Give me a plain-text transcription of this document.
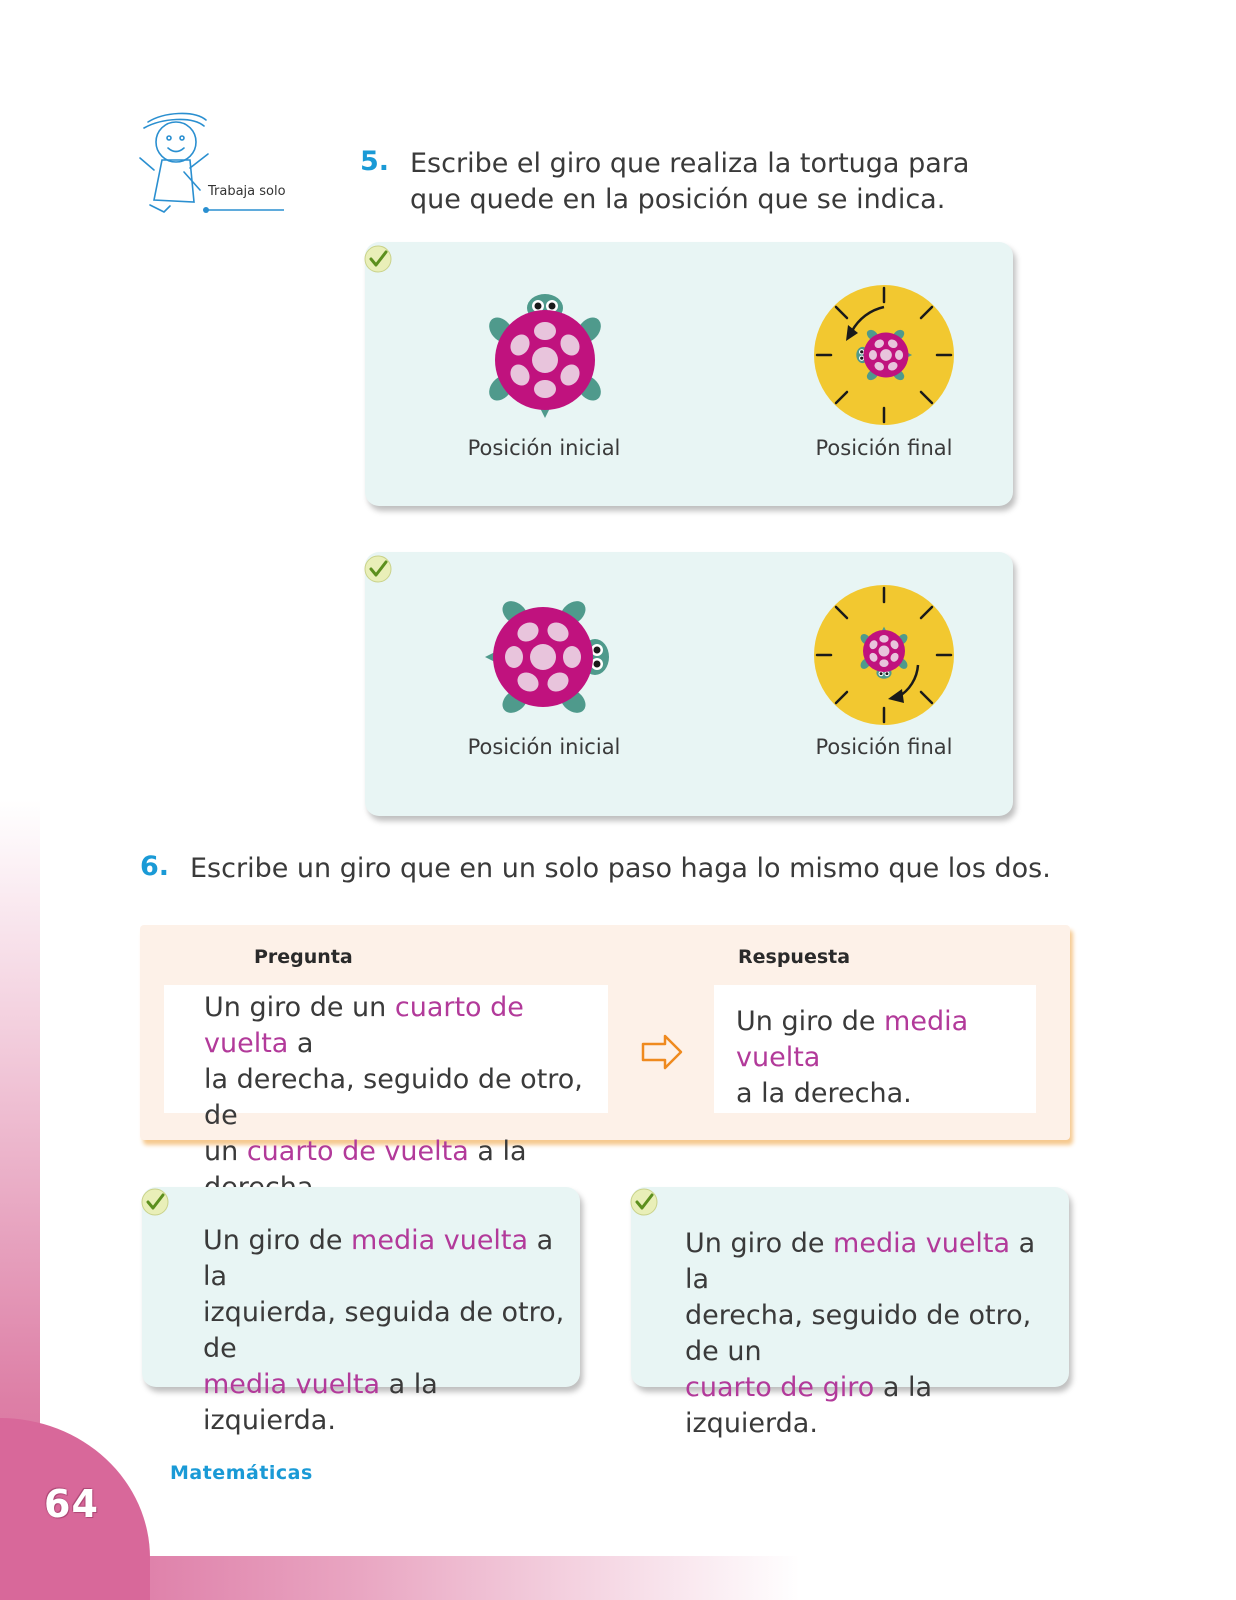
64
Matemáticas
Trabaja solo
5. Escribe el giro que realiza la tortuga para
que quede en la posición que se indica.
Posición inicial	Posición final
Posición inicial	Posición final
6. Escribe un giro que en un solo paso haga lo mismo que los dos.
Pregunta	Respuesta
Un giro de un cuarto de vuelta a
la derecha, seguido de otro, de
un cuarto de vuelta a la
Un giro de media vuelta
a la derecha.
Un giro de media vuelta a la
izquierda, seguida de otro, de
media vuelta a la izquierda.
Un giro de media vuelta a la
derecha, seguido de otro, de un
cuarto de giro a la izquierda.
